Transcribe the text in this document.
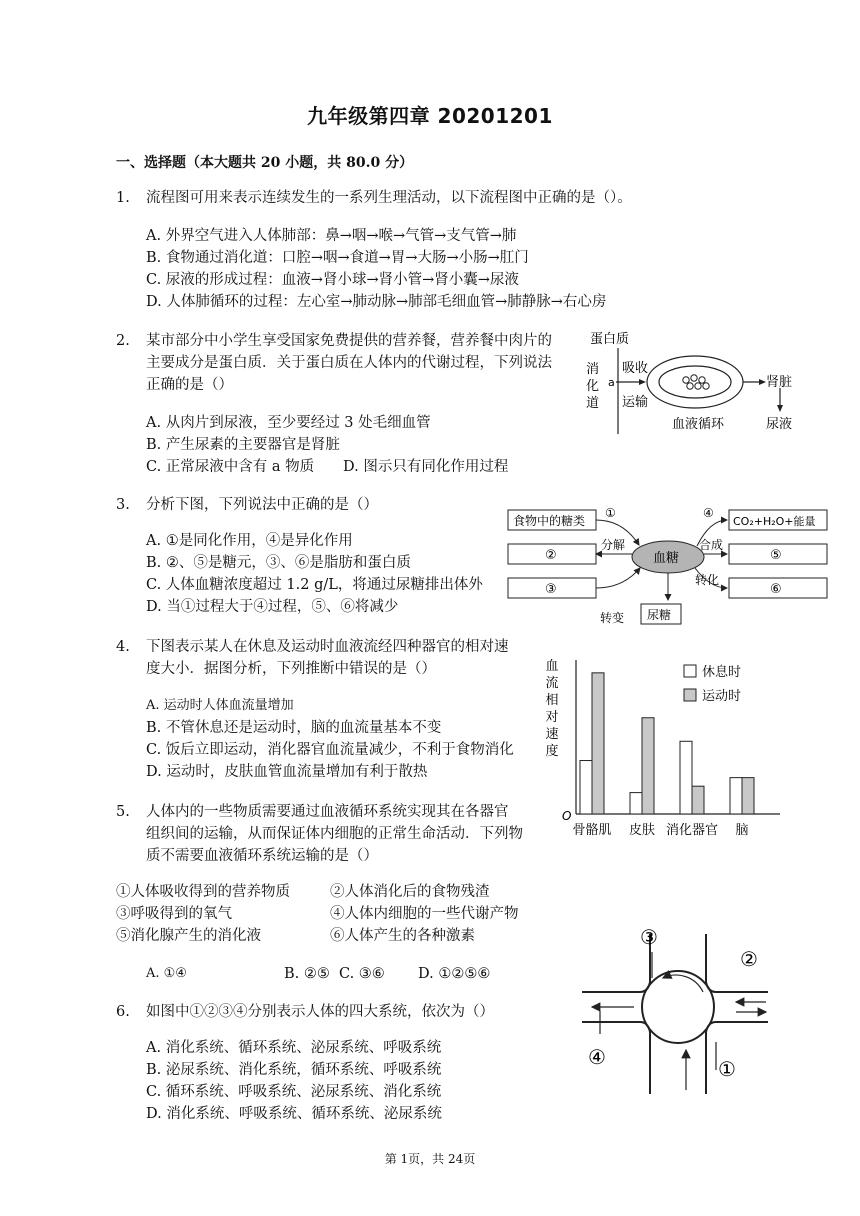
九年级第四章 20201201
一、选择题（本大题共 20 小题，共 80.0 分）
1. 流程图可用来表示连续发生的一系列生理活动，以下流程图中正确的是（）。
A. 外界空气进入人体肺部：鼻→咽→喉→气管→支气管→肺
B. 食物通过消化道：口腔→咽→食道→胃→大肠→小肠→肛门
C. 尿液的形成过程：血液→肾小球→肾小管→肾小囊→尿液
D. 人体肺循环的过程：左心室→肺动脉→肺部毛细血管→肺静脉→右心房
2. 某市部分中小学生享受国家免费提供的营养餐，营养餐中肉片的
主要成分是蛋白质．关于蛋白质在人体内的代谢过程，下列说法
正确的是（）
A. 从肉片到尿液，至少要经过 3 处毛细血管
B. 产生尿素的主要器官是肾脏
C. 正常尿液中含有 a 物质 D. 图示只有同化作用过程
蛋白质
消
化
道
吸收
a
运输
肾脏
尿液
血液循环
3. 分析下图，下列说法中正确的是（）
A. ①是同化作用，④是异化作用
B. ②、⑤是糖元，③、⑥是脂肪和蛋白质
C. 人体血糖浓度超过 1.2 g/L，将通过尿糖排出体外
D. 当①过程大于④过程，⑤、⑥将减少
食物中的糖类
②
③
血糖
①
分解
转变 尿糖
④
CO₂+H₂O+能量
合成
⑤
转化
⑥
4. 下图表示某人在休息及运动时血液流经四种器官的相对速
度大小．据图分析，下列推断中错误的是（）
A. 运动时人体血流量增加
B. 不管休息还是运动时，脑的血流量基本不变
C. 饭后立即运动，消化器官血流量减少，不利于食物消化
D. 运动时，皮肤血管血流量增加有利于散热
血
流
相
对
速
度
O
休息时
运动时
骨骼肌 皮肤 消化器官 脑
5. 人体内的一些物质需要通过血液循环系统实现其在各器官
组织间的运输，从而保证体内细胞的正常生命活动．下列物
质不需要血液循环系统运输的是（）
①人体吸收得到的营养物质	②人体消化后的食物残渣
③呼吸得到的氧气	④人体内细胞的一些代谢产物
⑤消化腺产生的消化液	⑥人体产生的各种激素
A. ①④	B. ②⑤ C. ③⑥ D. ①②⑤⑥
6. 如图中①②③④分别表示人体的四大系统，依次为（）
A. 消化系统、循环系统、泌尿系统、呼吸系统
B. 泌尿系统、消化系统，循环系统、呼吸系统
C. 循环系统、呼吸系统、泌尿系统、消化系统
D. 消化系统、呼吸系统、循环系统、泌尿系统
③
②
④	①
第 1页，共 24页
